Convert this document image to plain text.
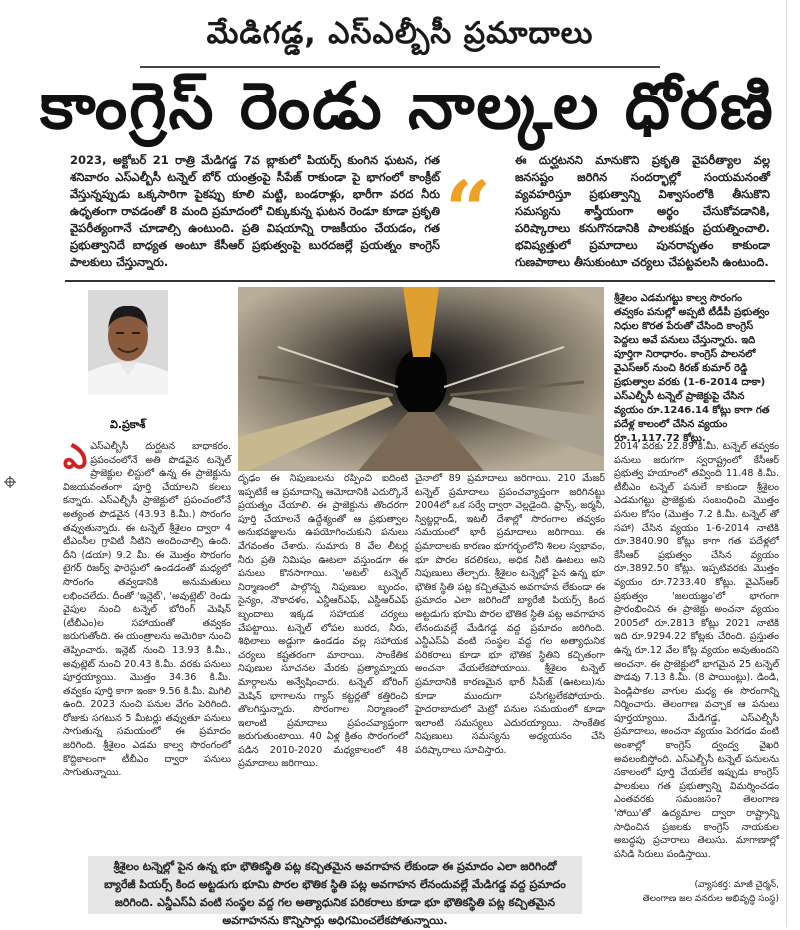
మేడిగడ్డ, ఎస్ఎల్బీసీ ప్రమాదాలు
కాంగ్రెస్ రెండు నాల్కల ధోరణి
2023, అక్టోబర్ 21 రాత్రి మేడిగడ్డ 7వ బ్లాకులో పియర్స్ కుంగిన ఘటన, గత శనివారం ఎస్ఎల్బీసీ టన్నెల్ బోర్ యంత్రంపై సీపేజ్ రాకుండా పై భాగంలో కాంక్రీట్ వేస్తున్నప్పుడు ఒక్కసారిగా పైకప్పు కూలి మట్టి, బండరాళ్లు, భారీగా వరద నీరు ఉధృతంగా రావడంతో 8 మంది ప్రమాదంలో చిక్కుకున్న ఘటన రెండూ కూడా ప్రకృతి వైపరీత్యంగానే చూడాల్సి ఉంటుంది. ప్రతి విషయాన్ని రాజకీయం చేయడం, గత ప్రభుత్వానిదే బాధ్యత అంటూ కేసీఆర్ ప్రభుత్వంపై బురదజల్లే ప్రయత్నం కాంగ్రెస్ పాలకులు చేస్తున్నారు.
“
ఈ దుర్ఘటనని మానుకొని ప్రకృతి వైపరీత్యాల వల్ల జనసష్టం జరిగిన సందర్భాల్లో సంయమనంతో వ్యవహరిస్తూ ప్రభుత్వాన్ని విశ్వాసంలోకి తీసుకొని సమస్యను శాస్త్రీయంగా అర్థం చేసుకోవడానికి, పరిష్కారాలు కనుగొనడానికి పాలకపక్షం ప్రయత్నించాలి. భవిష్యత్తులో ప్రమాదాలు పునరావృతం కాకుండా గుణపాఠాలు తీసుకుంటూ చర్యలు చేపట్టవలసి ఉంటుంది.
వి.ప్రకాశ్
శ్రీశైలం ఎడమగట్టు కాల్వ సొరంగం తవ్వకం పనుల్లో అప్పటి టీడీపీ ప్రభుత్వం నిధుల కొరత పేరుతో చేసింది కాంగ్రెస్ పెద్దలు అవే పనులు చేస్తున్నారు. ఇది పూర్తిగా నిరాధారం. కాంగ్రెస్ పాలనలో వైఎస్ఆర్ నుంచి కిరణ్ కుమార్ రెడ్డి ప్రభుత్వాల వరకు (1-6-2014 దాకా) ఎస్ఎల్బీసీ టన్నెల్ ప్రాజెక్టుపై చేసిన వ్యయం రూ.1246.14 కోట్లు కాగా గత పదేళ్ల కాలంలో చేసిన వ్యయం రూ.1,117.72 కోట్లు.
ఎఎస్ఎల్బీసీ దుర్ఘటన బాధాకరం. ప్రపంచంలోనే అతి పొడవైన టన్నెల్ ప్రాజెక్టుల లిస్టులో ఉన్న ఈ ప్రాజెక్టును విజయవంతంగా పూర్తి చేయాలని కలలు కన్నారు. ఎస్ఎల్బీసీ ప్రాజెక్టులో ప్రపంచంలోనే అత్యంత పొడవైన (43.93 కి.మీ.) సొరంగం తవ్వుతున్నారు. ఈ టన్నెల్ శ్రీశైలం ద్వారా 4 టీఎంసీల గ్రావిటీ నీటిని అందించాల్సి ఉంది. దీని (డయా) 9.2 మీ. ఈ మొత్తం సొరంగం టైగర్ రిజర్వ్ ఫారెస్టులో ఉండడంతో మధ్యలో సొరంగం తవ్వడానికి అనుమతులు లభించలేదు. దీంతో 'ఇన్లెట్', 'అవుట్లెట్' రెండు వైపుల నుంచి టన్నెల్ బోరింగ్ మెషిన్ (టీబీఎం)ల సహాయంతో తవ్వకం జరుగుతోంది. ఈ యంత్రాలను అమెరికా నుంచి తెప్పించారు. ఇన్లెట్ నుంచి 13.93 కి.మీ., అవుట్లెట్ నుంచి 20.43 కి.మీ. వరకు పనులు పూర్తయ్యాయి. మొత్తం 34.36 కి.మీ. తవ్వకం పూర్తి కాగా ఇంకా 9.56 కి.మీ. మిగిలి ఉంది. 2023 నుంచి పనుల వేగం పెరిగింది. రోజుకు సగటున 5 మీటర్లు తవ్వుతూ పనులు సాగుతున్న సమయంలో ఈ ప్రమాదం జరిగింది. శ్రీశైలం ఎడమ కాల్వ సొరంగంలో కొద్దికాలంగా టీబీఎం ద్వారా పనులు సాగుతున్నాయి.
దృఢం ఈ నిపుణులను రప్పించి ఐదింటి ఇప్పటికే ఆ ప్రమాదాన్ని ఆమోదానికి ఎదుర్కొనే ప్రయత్నం చేయాలి. ఈ ప్రాజెక్టును తొందరగా పూర్తి చేయాలనే ఉద్దేశ్యంతో ఆ ప్రభుత్వాల అనుభవజ్ఞులను ఉపయోగించుకుని పనులు వేగవంతం చేశారు. సుమారు 8 వేల లీటర్ల నీరు ప్రతి నిమిషం ఊటలా వస్తుండగా ఈ పనులు కొనసాగాయి. 'అటల్' టన్నెల్ నిర్మాణంలో పాల్గొన్న నిపుణుల బృందం, సైన్యం, నౌకాదళం, ఎన్డీఆర్ఎఫ్, ఎస్డీఆర్ఎఫ్ బృందాలు ఇక్కడ సహాయక చర్యలు చేపట్టాయి. టన్నెల్ లోపల బురద, నీరు, శిథిలాలు అడ్డుగా ఉండడం వల్ల సహాయక చర్యలు కష్టతరంగా మారాయి. సాంకేతిక నిపుణుల సూచనల మేరకు ప్రత్యామ్నాయ మార్గాలను అన్వేషించారు. టన్నెల్ బోరింగ్ మెషిన్ భాగాలను గ్యాస్ కట్టర్లతో కత్తిరించి తొలగిస్తున్నారు. సొరంగాల నిర్మాణంలో ఇలాంటి ప్రమాదాలు ప్రపంచవ్యాప్తంగా జరుగుతుంటాయి. 40 ఏళ్ల క్రితం సొరంగంలో పడిన 2010-2020 మధ్యకాలంలో 48 ప్రమాదాలు జరిగాయి.
చైనాలో 89 ప్రమాదాలు జరిగాయి. 210 మేజర్ టన్నెల్ ప్రమాదాలు ప్రపంచవ్యాప్తంగా జరిగినట్టు 2004లో ఒక సర్వే ద్వారా వెల్లడైంది. ఫ్రాన్స్, జర్మనీ, స్విట్జర్లాండ్, ఇటలీ దేశాల్లో సొరంగాల తవ్వకం సమయంలో భారీ ప్రమాదాలు జరిగాయి. ఈ ప్రమాదాలకు కారణం భూగర్భంలోని శిలల స్వభావం, భూ పొరల కదలికలు, అధిక నీటి ఊటలు అని నిపుణులు తేల్చారు. శ్రీశైలం టన్నెల్లో పైన ఉన్న భూ భౌతిక స్థితి పట్ల కచ్చితమైన అవగాహన లేకుండా ఈ ప్రమాదం ఎలా జరిగిందో బ్యారేజీ పియర్స్ కింద అట్టడుగు భూమి పొరల భౌతిక స్థితి పట్ల అవగాహన లేనందువల్లే మేడిగడ్డ వద్ద ప్రమాదం జరిగింది. ఎన్డీఎస్ఏ వంటి సంస్థల వద్ద గల అత్యాధునిక పరికరాలు కూడా భూ భౌతిక స్థితిని కచ్చితంగా అంచనా వేయలేకపోయాయి. శ్రీశైలం టన్నెల్ ప్రమాదానికి కారణమైన భారీ సీపేజ్ (ఊటలు)ను కూడా ముందుగా పసిగట్టలేకపోయారు. హైదరాబాదులో మెట్రో పనుల సమయంలో కూడా ఇలాంటి సమస్యలు ఎదురయ్యాయి. సాంకేతిక నిపుణులు సమస్యను అధ్యయనం చేసి పరిష్కారాలు సూచిస్తారు.
2014 వరకు 22.89 కి.మీ. టన్నెల్ తవ్వకం పనులు జరుగగా స్వరాష్ట్రంలో కేసీఆర్ ప్రభుత్వ హయాంలో తవ్వింది 11.48 కి.మీ. టీబీఎం టన్నెల్ పనులే కాకుండా శ్రీశైలం ఎడమగట్టు ప్రాజెక్టుకు సంబంధించి మొత్తం పనుల కోసం (మొత్తం 7.2 కి.మీ. టన్నెల్ తో సహా) చేసిన వ్యయం 1-6-2014 నాటికి రూ.3840.90 కోట్లు కాగా గత పదేళ్లలో కేసీఆర్ ప్రభుత్వం చేసిన వ్యయం రూ.3892.50 కోట్లు. ఇప్పటివరకు మొత్తం వ్యయం రూ.7233.40 కోట్లు. వైఎస్ఆర్ ప్రభుత్వం 'జలయజ్ఞం'లో భాగంగా ప్రారంభించిన ఈ ప్రాజెక్టు అంచనా వ్యయం 2005లో రూ.2813 కోట్లు 2021 నాటికి ఇది రూ.9294.22 కోట్లకు చేరింది. ప్రస్తుతం ఉన్న రూ.12 వేల కోట్ల వ్యయం అవుతుందని అంచనా. ఈ ప్రాజెక్టులో భాగమైన 25 టన్నెల్ పొడవు 7.13 కి.మీ. (8 పాయింట్లు). డిండి, పెండ్లిపాకల వాగుల మధ్య ఈ సొరంగాన్ని నిర్మించారు. తెలంగాణ వచ్చాక ఆ పనులు పూర్తయ్యాయి. మేడిగడ్డ, ఎస్ఎల్బీసీ ప్రమాదాలు, అంచనా వ్యయం పెరగడం వంటి అంశాల్లో కాంగ్రెస్ ద్వంద్వ వైఖరి అవలంబిస్తోంది. ఎస్ఎల్బీసీ టన్నెల్ పనులను సకాలంలో పూర్తి చేయలేక ఇప్పుడు కాంగ్రెస్ పాలకులు గత ప్రభుత్వాన్ని విమర్శించడం ఎంతవరకు సమంజసం? తెలంగాణ 'సోయి'తో ఉద్యమాల ద్వారా రాష్ట్రాన్ని సాధించిన ప్రజలకు కాంగ్రెస్ నాయకుల అబద్ధపు ప్రచారాలు తెలుసు. మాగాణాల్లో పసిడి సిరులు పండిస్తాయి.
శ్రీశైలం టన్నెల్లో పైన ఉన్న భూ భౌతికస్థితి పట్ల కచ్చితమైన అవగాహన లేకుండా ఈ ప్రమాదం ఎలా జరిగిందో బ్యారేజీ పియర్స్ కింద అట్టడుగు భూమి పొరల భౌతిక స్థితి పట్ల అవగాహన లేనందువల్లే మేడిగడ్డ వద్ద ప్రమాదం జరిగింది. ఎన్డీఎస్ఏ వంటి సంస్థల వద్ద గల అత్యాధునిక పరికరాలు కూడా భూ భౌతికస్థితి పట్ల కచ్చితమైన అవగాహనను కొన్నిసార్లు అధిగమించలేకపోతున్నాయి.
(వ్యాసకర్త: మాజీ చైర్మన్,
తెలంగాణ జల వనరుల అభివృద్ధి సంస్థ)
